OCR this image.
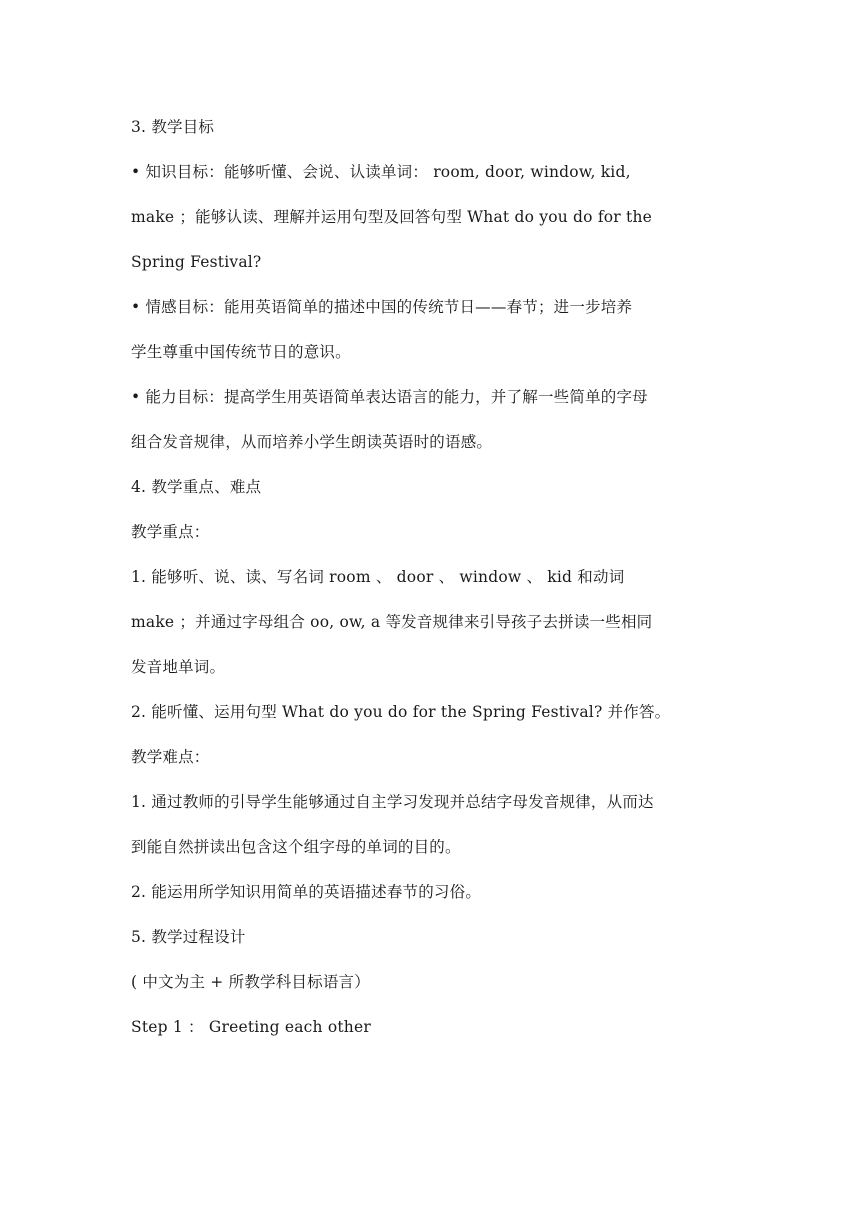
3. 教学目标
• 知识目标：能够听懂、会说、认读单词： room, door, window, kid,
make ；能够认读、理解并运用句型及回答句型 What do you do for the
Spring Festival?
• 情感目标：能用英语简单的描述中国的传统节日——春节；进一步培养
学生尊重中国传统节日的意识。
• 能力目标：提高学生用英语简单表达语言的能力，并了解一些简单的字母
组合发音规律，从而培养小学生朗读英语时的语感。
4. 教学重点、难点
教学重点：
1. 能够听、说、读、写名词 room 、 door 、 window 、 kid 和动词
make ；并通过字母组合 oo, ow, a 等发音规律来引导孩子去拼读一些相同
发音地单词。
2. 能听懂、运用句型 What do you do for the Spring Festival? 并作答。
教学难点：
1. 通过教师的引导学生能够通过自主学习发现并总结字母发音规律，从而达
到能自然拼读出包含这个组字母的单词的目的。
2. 能运用所学知识用简单的英语描述春节的习俗。
5. 教学过程设计
( 中文为主 + 所教学科目标语言）
Step 1 ： Greeting each other
